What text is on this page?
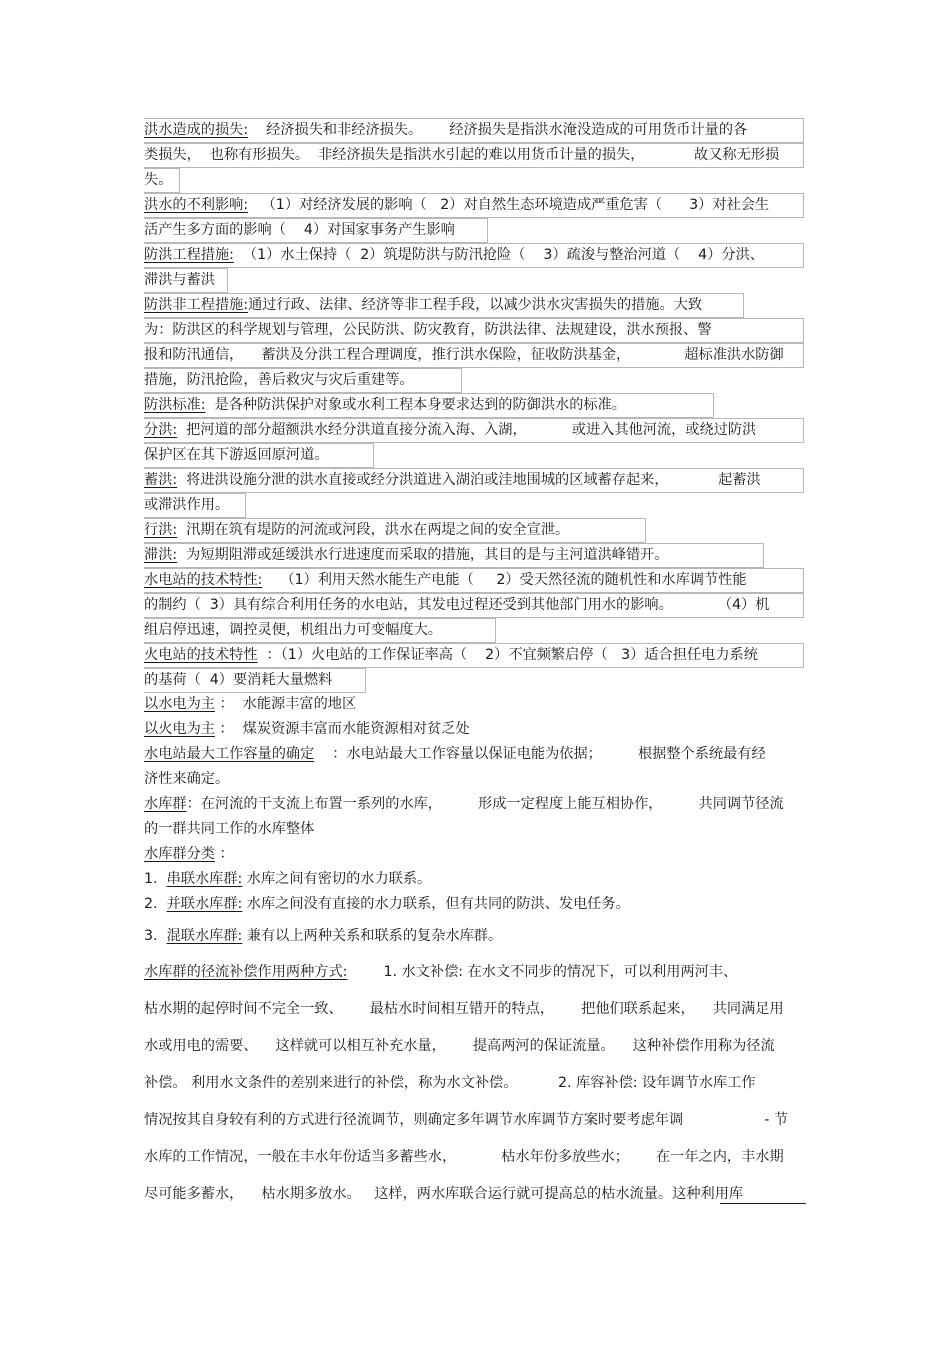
洪水造成的损失:    经济损失和非经济损失。      经济损失是指洪水淹没造成的可用货币计量的各
类损失，  也称有形损失。  非经济损失是指洪水引起的难以用货币计量的损失，           故又称无形损
失。
洪水的不利影响:   （1）对经济发展的影响（   2）对自然生态环境造成严重危害（      3）对社会生
活产生多方面的影响（    4）对国家事务产生影响
防洪工程措施:  （1）水土保持（  2）筑堤防洪与防汛抢险（    3）疏浚与整治河道（    4）分洪、
滞洪与蓄洪
防洪非工程措施:通过行政、法律、经济等非工程手段，以减少洪水灾害损失的措施。大致
为：防洪区的科学规划与管理，公民防洪、防灾教育，防洪法律、法规建设，洪水预报、警
报和防汛通信，    蓄洪及分洪工程合理调度，推行洪水保险，征收防洪基金，            超标准洪水防御
措施，防汛抢险，善后救灾与灾后重建等。
防洪标准:  是各种防洪保护对象或水利工程本身要求达到的防御洪水的标准。
分洪:  把河道的部分超额洪水经分洪道直接分流入海、入湖，          或进入其他河流，或绕过防洪
保护区在其下游返回原河道。
蓄洪:  将进洪设施分泄的洪水直接或经分洪道进入湖泊或洼地围城的区域蓄存起来，           起蓄洪
或滞洪作用。
行洪:  汛期在筑有堤防的河流或河段，洪水在两堤之间的安全宣泄。
滞洪:  为短期阻滞或延缓洪水行进速度而采取的措施，其目的是与主河道洪峰错开。
水电站的技术特性:    （1）利用天然水能生产电能（     2）受天然径流的随机性和水库调节性能
的制约（  3）具有综合利用任务的水电站，其发电过程还受到其他部门用水的影响。          （4）机
组启停迅速，调控灵便，机组出力可变幅度大。
火电站的技术特性  ：（1）火电站的工作保证率高（    2）不宜频繁启停（   3）适合担任电力系统
的基荷（  4）要消耗大量燃料
以水电为主 ：  水能源丰富的地区
以火电为主 ：  煤炭资源丰富而水能资源相对贫乏处
水电站最大工作容量的确定    ：水电站最大工作容量以保证电能为依据；        根据整个系统最有经
济性来确定。
水库群：在河流的干支流上布置一系列的水库，        形成一定程度上能互相协作，        共同调节径流
的一群共同工作的水库整体
水库群分类 ：
1.  串联水库群: 水库之间有密切的水力联系。
2.  并联水库群: 水库之间没有直接的水力联系，但有共同的防洪、发电任务。
3.  混联水库群: 兼有以上两种关系和联系的复杂水库群。
水库群的径流补偿作用两种方式:        1. 水文补偿: 在水文不同步的情况下，可以利用两河丰、
枯水期的起停时间不完全一致、      最枯水时间相互错开的特点，      把他们联系起来，    共同满足用
水或用电的需要、    这样就可以相互补充水量，      提高两河的保证流量。    这种补偿作用称为径流
补偿。 利用水文条件的差别来进行的补偿，称为水文补偿。         2. 库容补偿: 设年调节水库工作
情况按其自身较有利的方式进行径流调节，则确定多年调节水库调节方案时要考虑年调                  - 节
水库的工作情况，一般在丰水年份适当多蓄些水，          枯水年份多放些水；      在一年之内，丰水期
尽可能多蓄水，    枯水期多放水。   这样，两水库联合运行就可提高总的枯水流量。这种利用库
